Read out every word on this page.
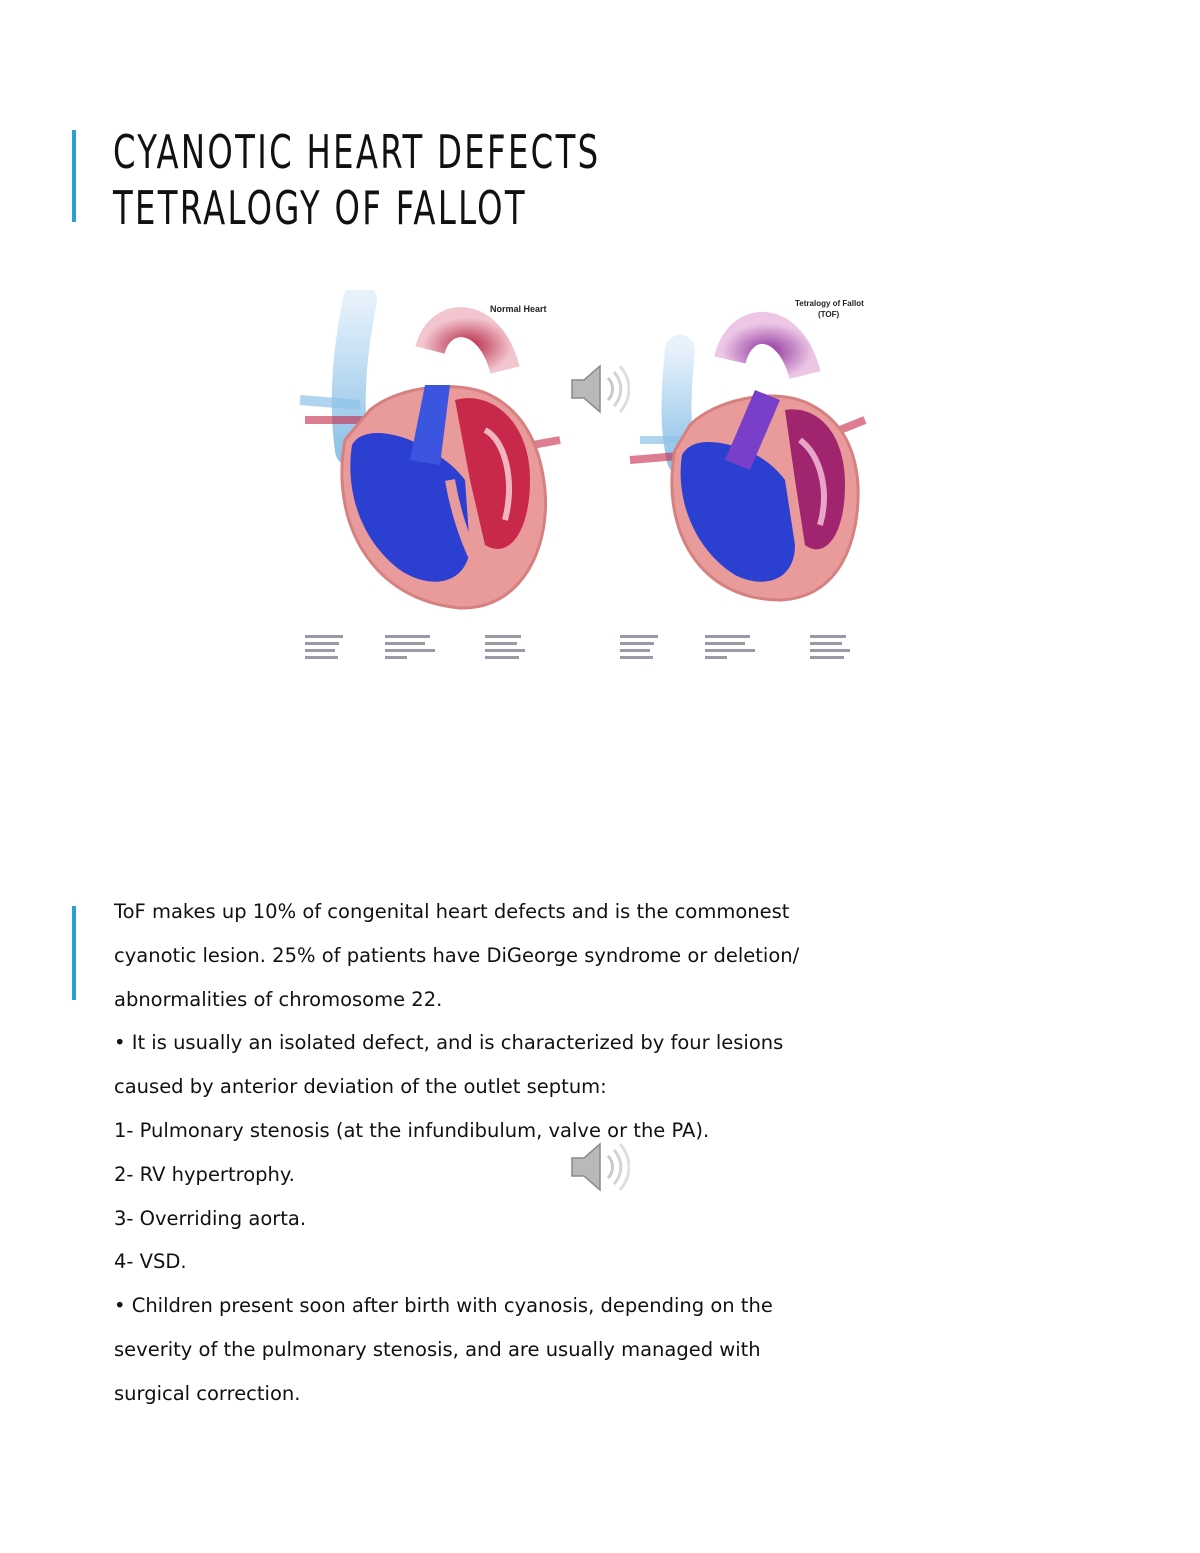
CYANOTIC HEART DEFECTS
TETRALOGY OF FALLOT
Normal Heart
Tetralogy of Fallot
(TOF)

ToF makes up 10% of congenital heart defects and is the commonest

cyanotic lesion. 25% of patients have DiGeorge syndrome or deletion/

abnormalities of chromosome 22.

• It is usually an isolated defect, and is characterized by four lesions

caused by anterior deviation of the outlet septum:

1- Pulmonary stenosis (at the infundibulum, valve or the PA).

2- RV hypertrophy.

3- Overriding aorta.

4- VSD.

• Children present soon after birth with cyanosis, depending on the

severity of the pulmonary stenosis, and are usually managed with

surgical correction.
